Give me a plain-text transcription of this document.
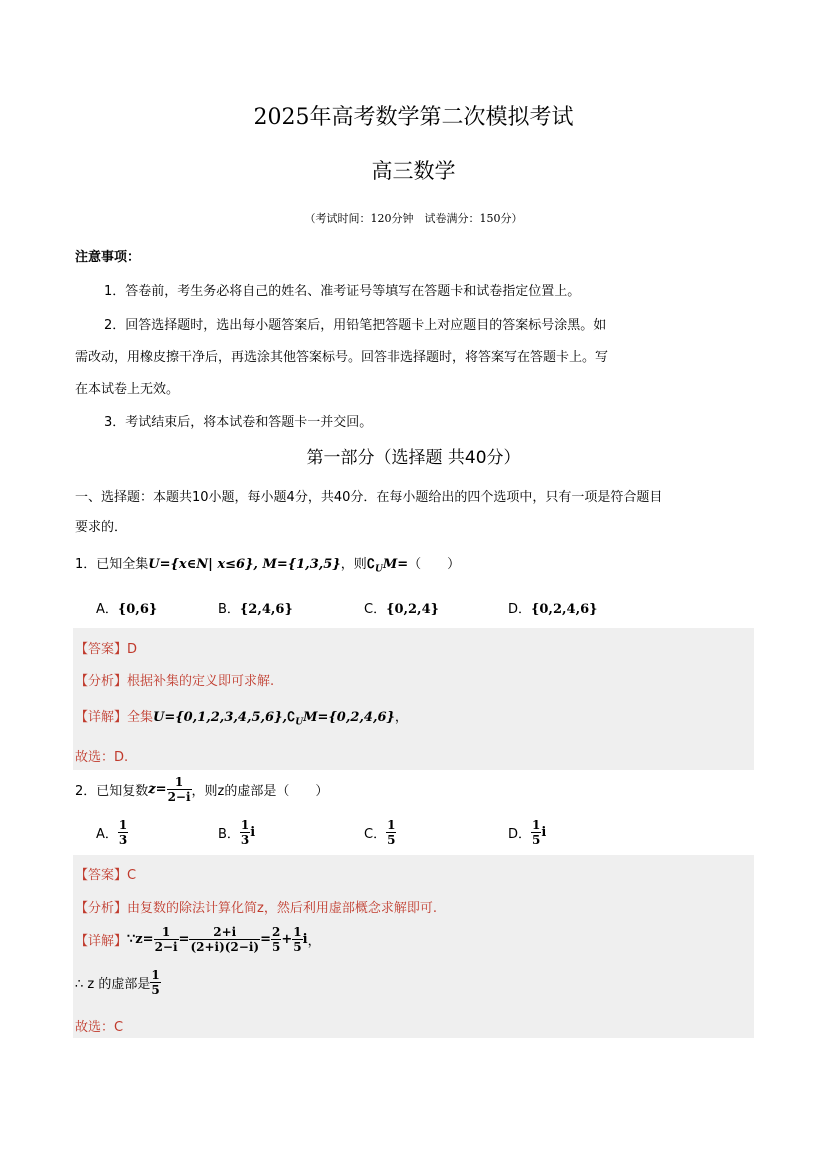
2025年高考数学第二次模拟考试
高三数学
（考试时间：120分钟　试卷满分：150分）
注意事项：
1．答卷前，考生务必将自己的姓名、准考证号等填写在答题卡和试卷指定位置上。
2．回答选择题时，选出每小题答案后，用铅笔把答题卡上对应题目的答案标号涂黑。如
需改动，用橡皮擦干净后，再选涂其他答案标号。回答非选择题时，将答案写在答题卡上。写
在本试卷上无效。
3．考试结束后，将本试卷和答题卡一并交回。
第一部分（选择题 共40分）
一、选择题：本题共10小题，每小题4分，共40分．在每小题给出的四个选项中，只有一项是符合题目
要求的．
1．已知全集U={x∈N| x≤6}, M={1,3,5}，则$∁_UM=$（　　）
A．{0,6}	B．{2,4,6}	C．{0,2,4}	D．{0,2,4,6}
【答案】D
【分析】根据补集的定义即可求解.
【详解】全集$U=\{0,1,2,3,4,5,6\},∁_UM=\{0,2,4,6\}$，
故选：D.
2．已知复数$z= \frac{1}{2-i}$ ，则z的虚部是（　　）
A． $\frac{1}{3}$	B． $\frac{1}{3}$ i	C． $\frac{1}{5}$	D． $\frac{1}{5}$ i
【答案】C
【分析】由复数的除法计算化简z，然后利用虚部概念求解即可.
【详解】∵z= $\frac{1}{2-i} = \frac{2+i}{(2+i)(2-i)} = \frac{2}{5} + \frac{1}{5}$ i，
∴ z 的虚部是 $\frac{1}{5}$
故选：C
